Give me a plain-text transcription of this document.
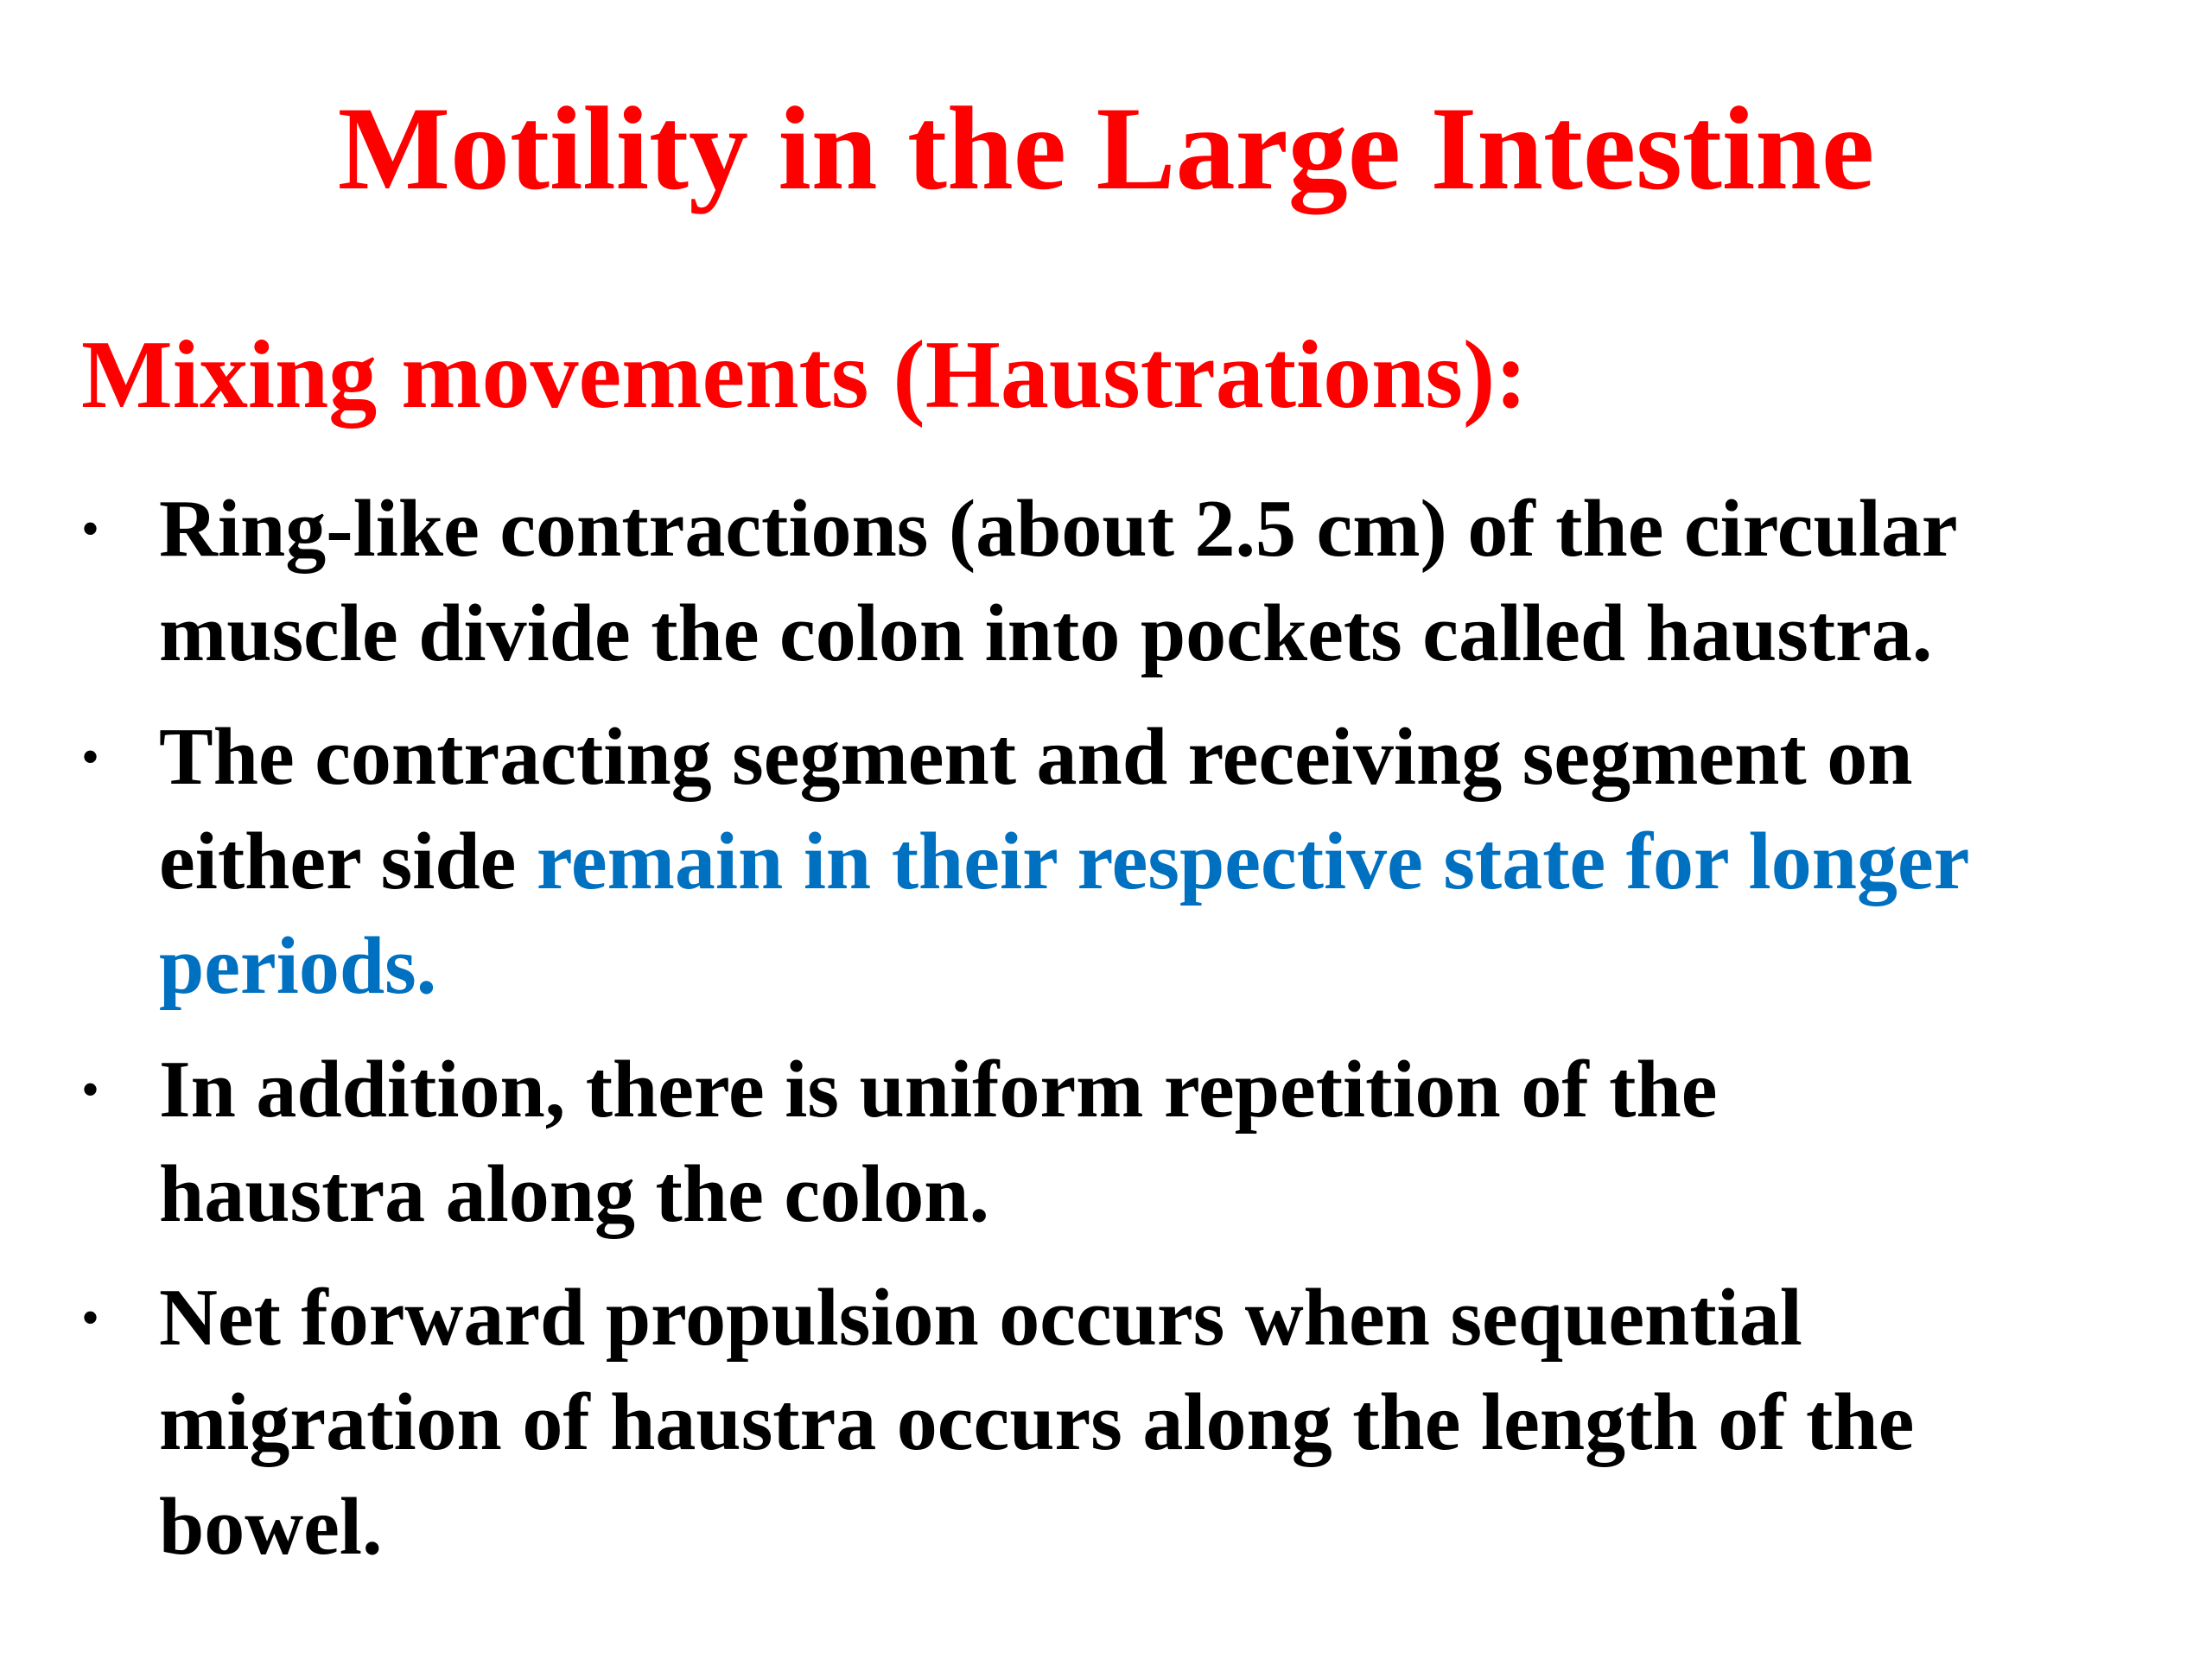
Motility in the Large Intestine
Mixing movements (Haustrations):
• Ring-like contractions (about 2.5 cm) of the circular
muscle divide the colon into pockets called haustra.
• The contracting segment and receiving segment on
either side remain in their respective state for longer
periods.
• In addition, there is uniform repetition of the
haustra along the colon.
• Net forward propulsion occurs when sequential
migration of haustra occurs along the length of the
bowel.
